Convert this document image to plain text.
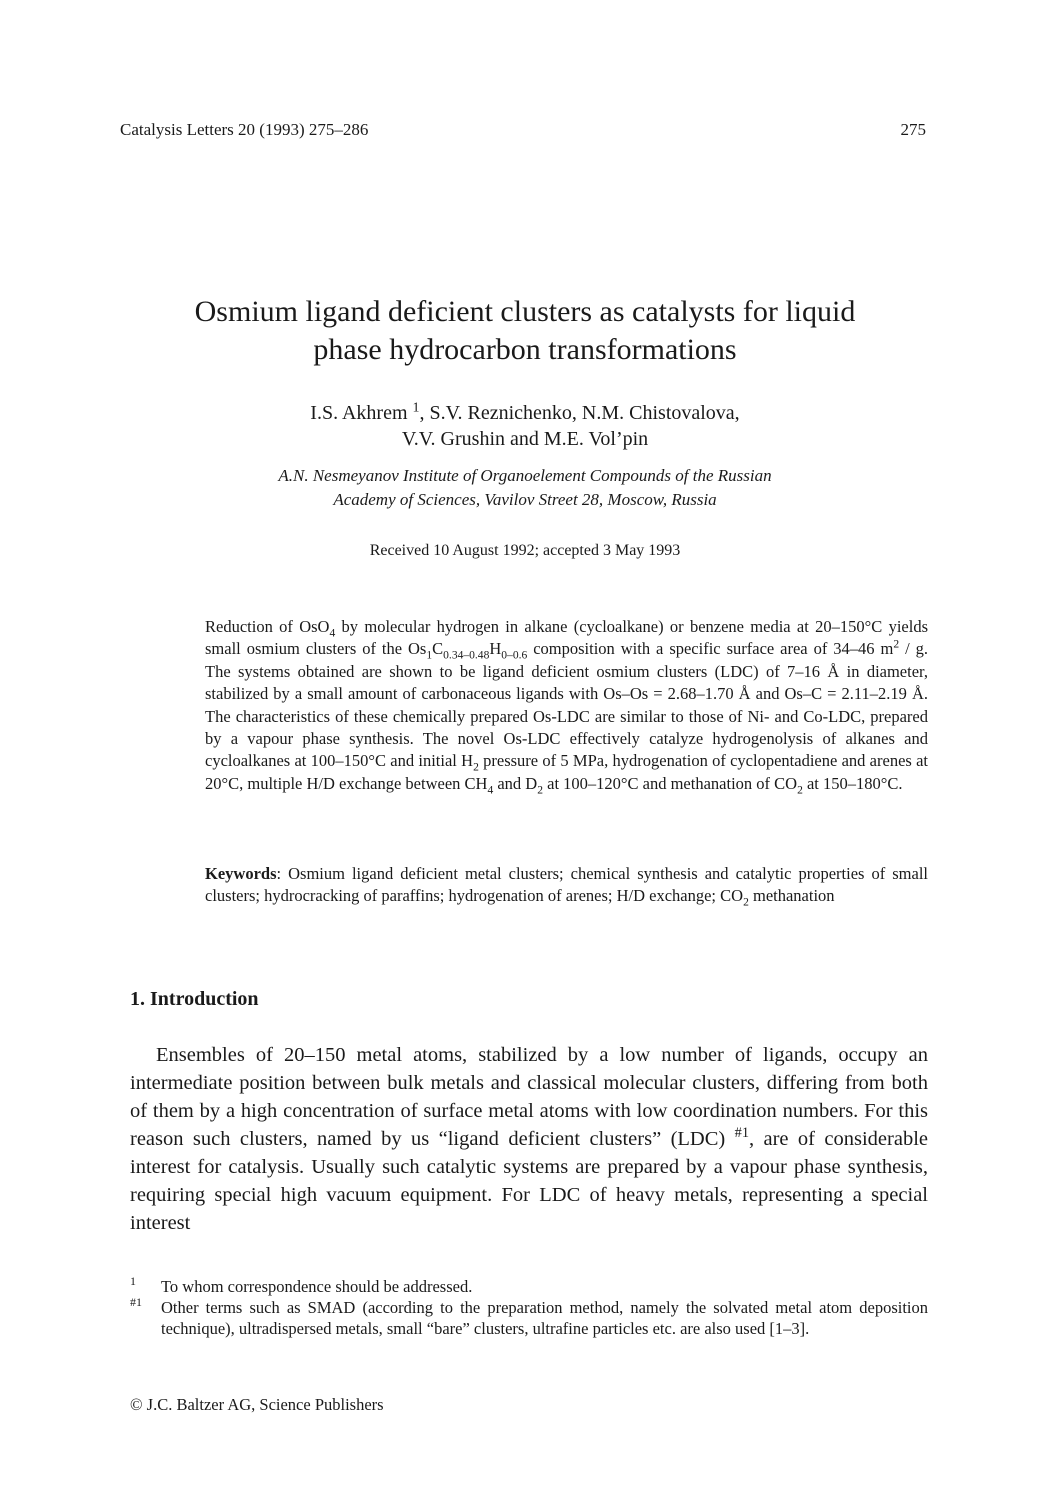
Catalysis Letters 20 (1993) 275–286	275
Osmium ligand deficient clusters as catalysts for liquid
phase hydrocarbon transformations
I.S. Akhrem $^1$, S.V. Reznichenko, N.M. Chistovalova,
V.V. Grushin and M.E. Vol’pin
A.N. Nesmeyanov Institute of Organoelement Compounds of the Russian
Academy of Sciences, Vavilov Street 28, Moscow, Russia
Received 10 August 1992; accepted 3 May 1993
Reduction of OsO$_4$ by molecular hydrogen in alkane (cycloalkane) or benzene media at 20–150°C yields small osmium clusters of the $Os_1C_{0.34-0.48}H_{0-0.6}$ composition with a specific surface area of 34–46 $m^2$ / g. The systems obtained are shown to be ligand deficient osmium clusters (LDC) of 7–16 Å in diameter, stabilized by a small amount of carbonaceous ligands with Os–Os = 2.68–1.70 Å and Os–C = 2.11–2.19 Å. The characteristics of these chemically prepared Os-LDC are similar to those of Ni- and Co-LDC, prepared by a vapour phase synthesis. The novel Os-LDC effectively catalyze hydrogenolysis of alkanes and cycloalkanes at 100–150°C and initial $H_2$ pressure of 5 MPa, hydrogenation of cyclopentadiene and arenes at 20°C, multiple H/D exchange between $CH_4$ and $D_2$ at 100–120°C and methanation of $CO_2$ at 150–180°C.
Keywords: Osmium ligand deficient metal clusters; chemical synthesis and catalytic properties of small clusters; hydrocracking of paraffins; hydrogenation of arenes; H/D exchange; $CO_2$ methanation
1. Introduction
Ensembles of 20–150 metal atoms, stabilized by a low number of ligands, occupy an intermediate position between bulk metals and classical molecular clusters, differing from both of them by a high concentration of surface metal atoms with low coordination numbers. For this reason such clusters, named by us “ligand deficient clusters” (LDC) $^{\#1}$, are of considerable interest for catalysis. Usually such catalytic systems are prepared by a vapour phase synthesis, requiring special high vacuum equipment. For LDC of heavy metals, representing a special interest
1 To whom correspondence should be addressed.
#1 Other terms such as SMAD (according to the preparation method, namely the solvated metal atom deposition technique), ultradispersed metals, small “bare” clusters, ultrafine particles etc. are also used [1–3].
© J.C. Baltzer AG, Science Publishers
